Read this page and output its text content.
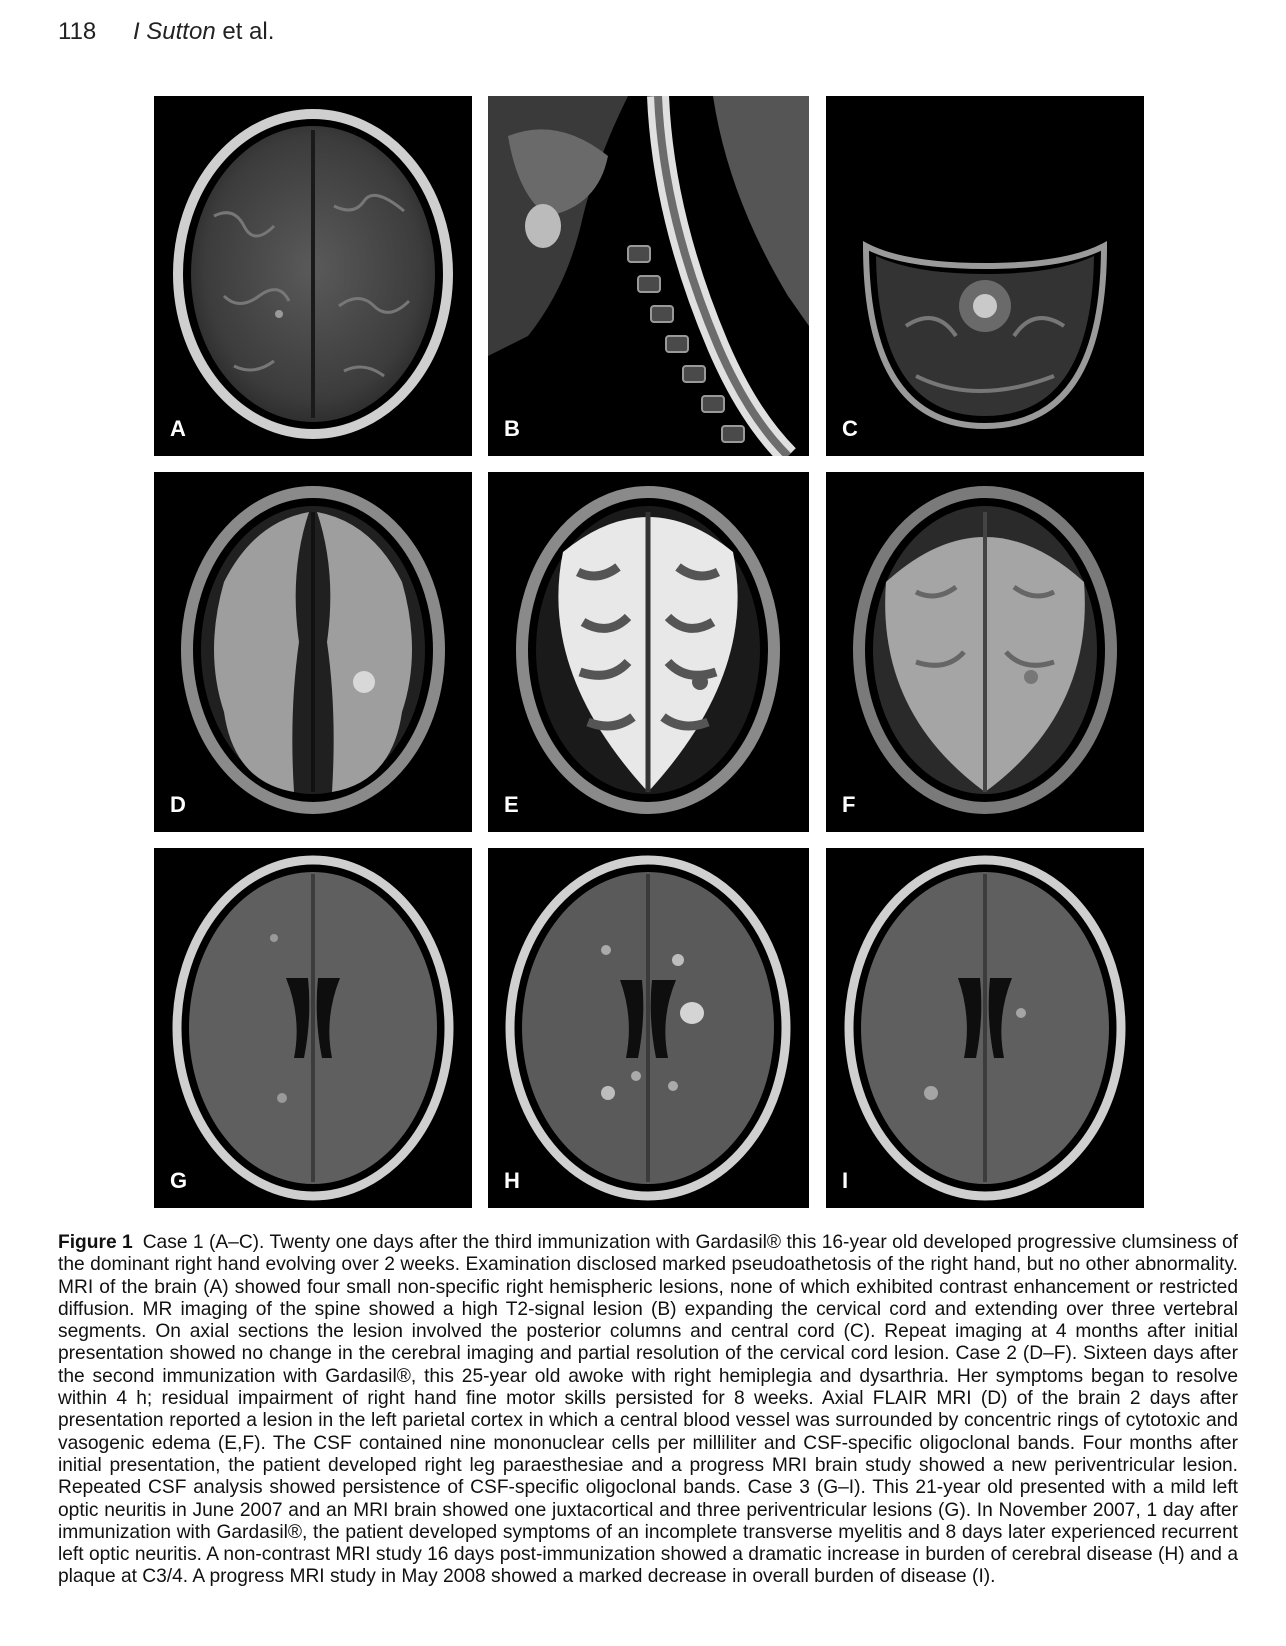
118 I Sutton et al.
A	B	C
D	E	F
G	H	I
Figure 1 Case 1 (A–C). Twenty one days after the third immunization with Gardasil® this 16-year old developed progressive clumsiness of the dominant right hand evolving over 2 weeks. Examination disclosed marked pseudoathetosis of the right hand, but no other abnormality. MRI of the brain (A) showed four small non-specific right hemispheric lesions, none of which exhibited contrast enhancement or restricted diffusion. MR imaging of the spine showed a high T2-signal lesion (B) expanding the cervical cord and extending over three vertebral segments. On axial sections the lesion involved the posterior columns and central cord (C). Repeat imaging at 4 months after initial presentation showed no change in the cerebral imaging and partial resolution of the cervical cord lesion. Case 2 (D–F). Sixteen days after the second immunization with Gardasil®, this 25-year old awoke with right hemiplegia and dysarthria. Her symptoms began to resolve within 4 h; residual impairment of right hand fine motor skills persisted for 8 weeks. Axial FLAIR MRI (D) of the brain 2 days after presentation reported a lesion in the left parietal cortex in which a central blood vessel was surrounded by concentric rings of cytotoxic and vasogenic edema (E,F). The CSF contained nine mononuclear cells per milliliter and CSF-specific oligoclonal bands. Four months after initial presentation, the patient developed right leg paraesthesiae and a progress MRI brain study showed a new periventricular lesion. Repeated CSF analysis showed persistence of CSF-specific oligoclonal bands. Case 3 (G–I). This 21-year old presented with a mild left optic neuritis in June 2007 and an MRI brain showed one juxtacortical and three periventricular lesions (G). In November 2007, 1 day after immunization with Gardasil®, the patient developed symptoms of an incomplete transverse myelitis and 8 days later experienced recurrent left optic neuritis. A non-contrast MRI study 16 days post-immunization showed a dramatic increase in burden of cerebral disease (H) and a plaque at C3/4. A progress MRI study in May 2008 showed a marked decrease in overall burden of disease (I).
